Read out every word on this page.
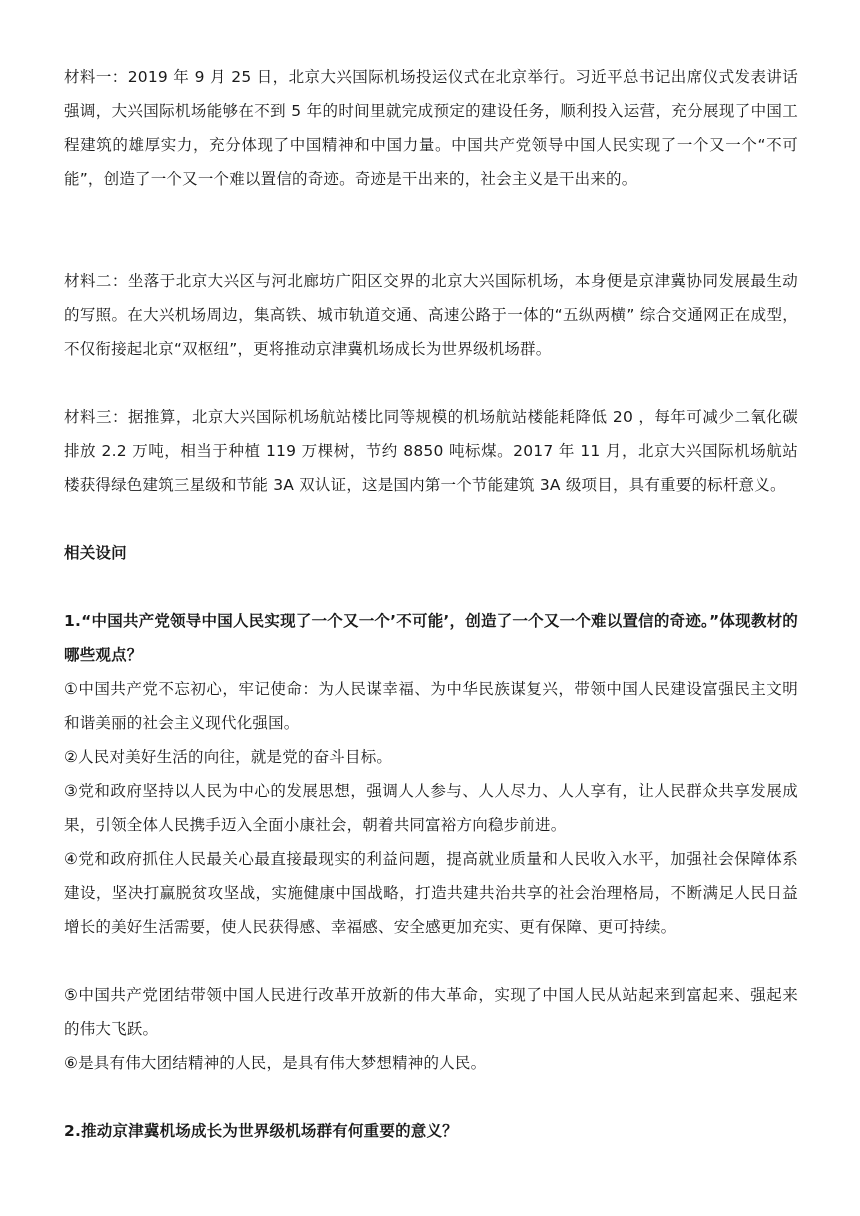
材料一：2019 年 9 月 25 日，北京大兴国际机场投运仪式在北京举行。习近平总书记出席仪式发表讲话强调，大兴国际机场能够在不到 5 年的时间里就完成预定的建设任务，顺利投入运营，充分展现了中国工程建筑的雄厚实力，充分体现了中国精神和中国力量。中国共产党领导中国人民实现了一个又一个“不可能”，创造了一个又一个难以置信的奇迹。奇迹是干出来的，社会主义是干出来的。

材料二：坐落于北京大兴区与河北廊坊广阳区交界的北京大兴国际机场，本身便是京津冀协同发展最生动的写照。在大兴机场周边，集高铁、城市轨道交通、高速公路于一体的“五纵两横” 综合交通网正在成型，不仅衔接起北京“双枢纽”，更将推动京津冀机场成长为世界级机场群。

材料三：据推算，北京大兴国际机场航站楼比同等规模的机场航站楼能耗降低 20 ，每年可减少二氧化碳排放 2.2 万吨，相当于种植 119 万棵树，节约 8850 吨标煤。2017 年 11 月，北京大兴国际机场航站楼获得绿色建筑三星级和节能 3A 双认证，这是国内第一个节能建筑 3A 级项目，具有重要的标杆意义。

相关设问

1.“中国共产党领导中国人民实现了一个又一个’不可能’，创造了一个又一个难以置信的奇迹。”体现教材的哪些观点？

①中国共产党不忘初心，牢记使命：为人民谋幸福、为中华民族谋复兴，带领中国人民建设富强民主文明和谐美丽的社会主义现代化强国。

②人民对美好生活的向往，就是党的奋斗目标。

③党和政府坚持以人民为中心的发展思想，强调人人参与、人人尽力、人人享有，让人民群众共享发展成果，引领全体人民携手迈入全面小康社会，朝着共同富裕方向稳步前进。

④党和政府抓住人民最关心最直接最现实的利益问题，提高就业质量和人民收入水平，加强社会保障体系建设，坚决打赢脱贫攻坚战，实施健康中国战略，打造共建共治共享的社会治理格局，不断满足人民日益增长的美好生活需要，使人民获得感、幸福感、安全感更加充实、更有保障、更可持续。

⑤中国共产党团结带领中国人民进行改革开放新的伟大革命，实现了中国人民从站起来到富起来、强起来的伟大飞跃。

⑥是具有伟大团结精神的人民，是具有伟大梦想精神的人民。

2.推动京津冀机场成长为世界级机场群有何重要的意义？
